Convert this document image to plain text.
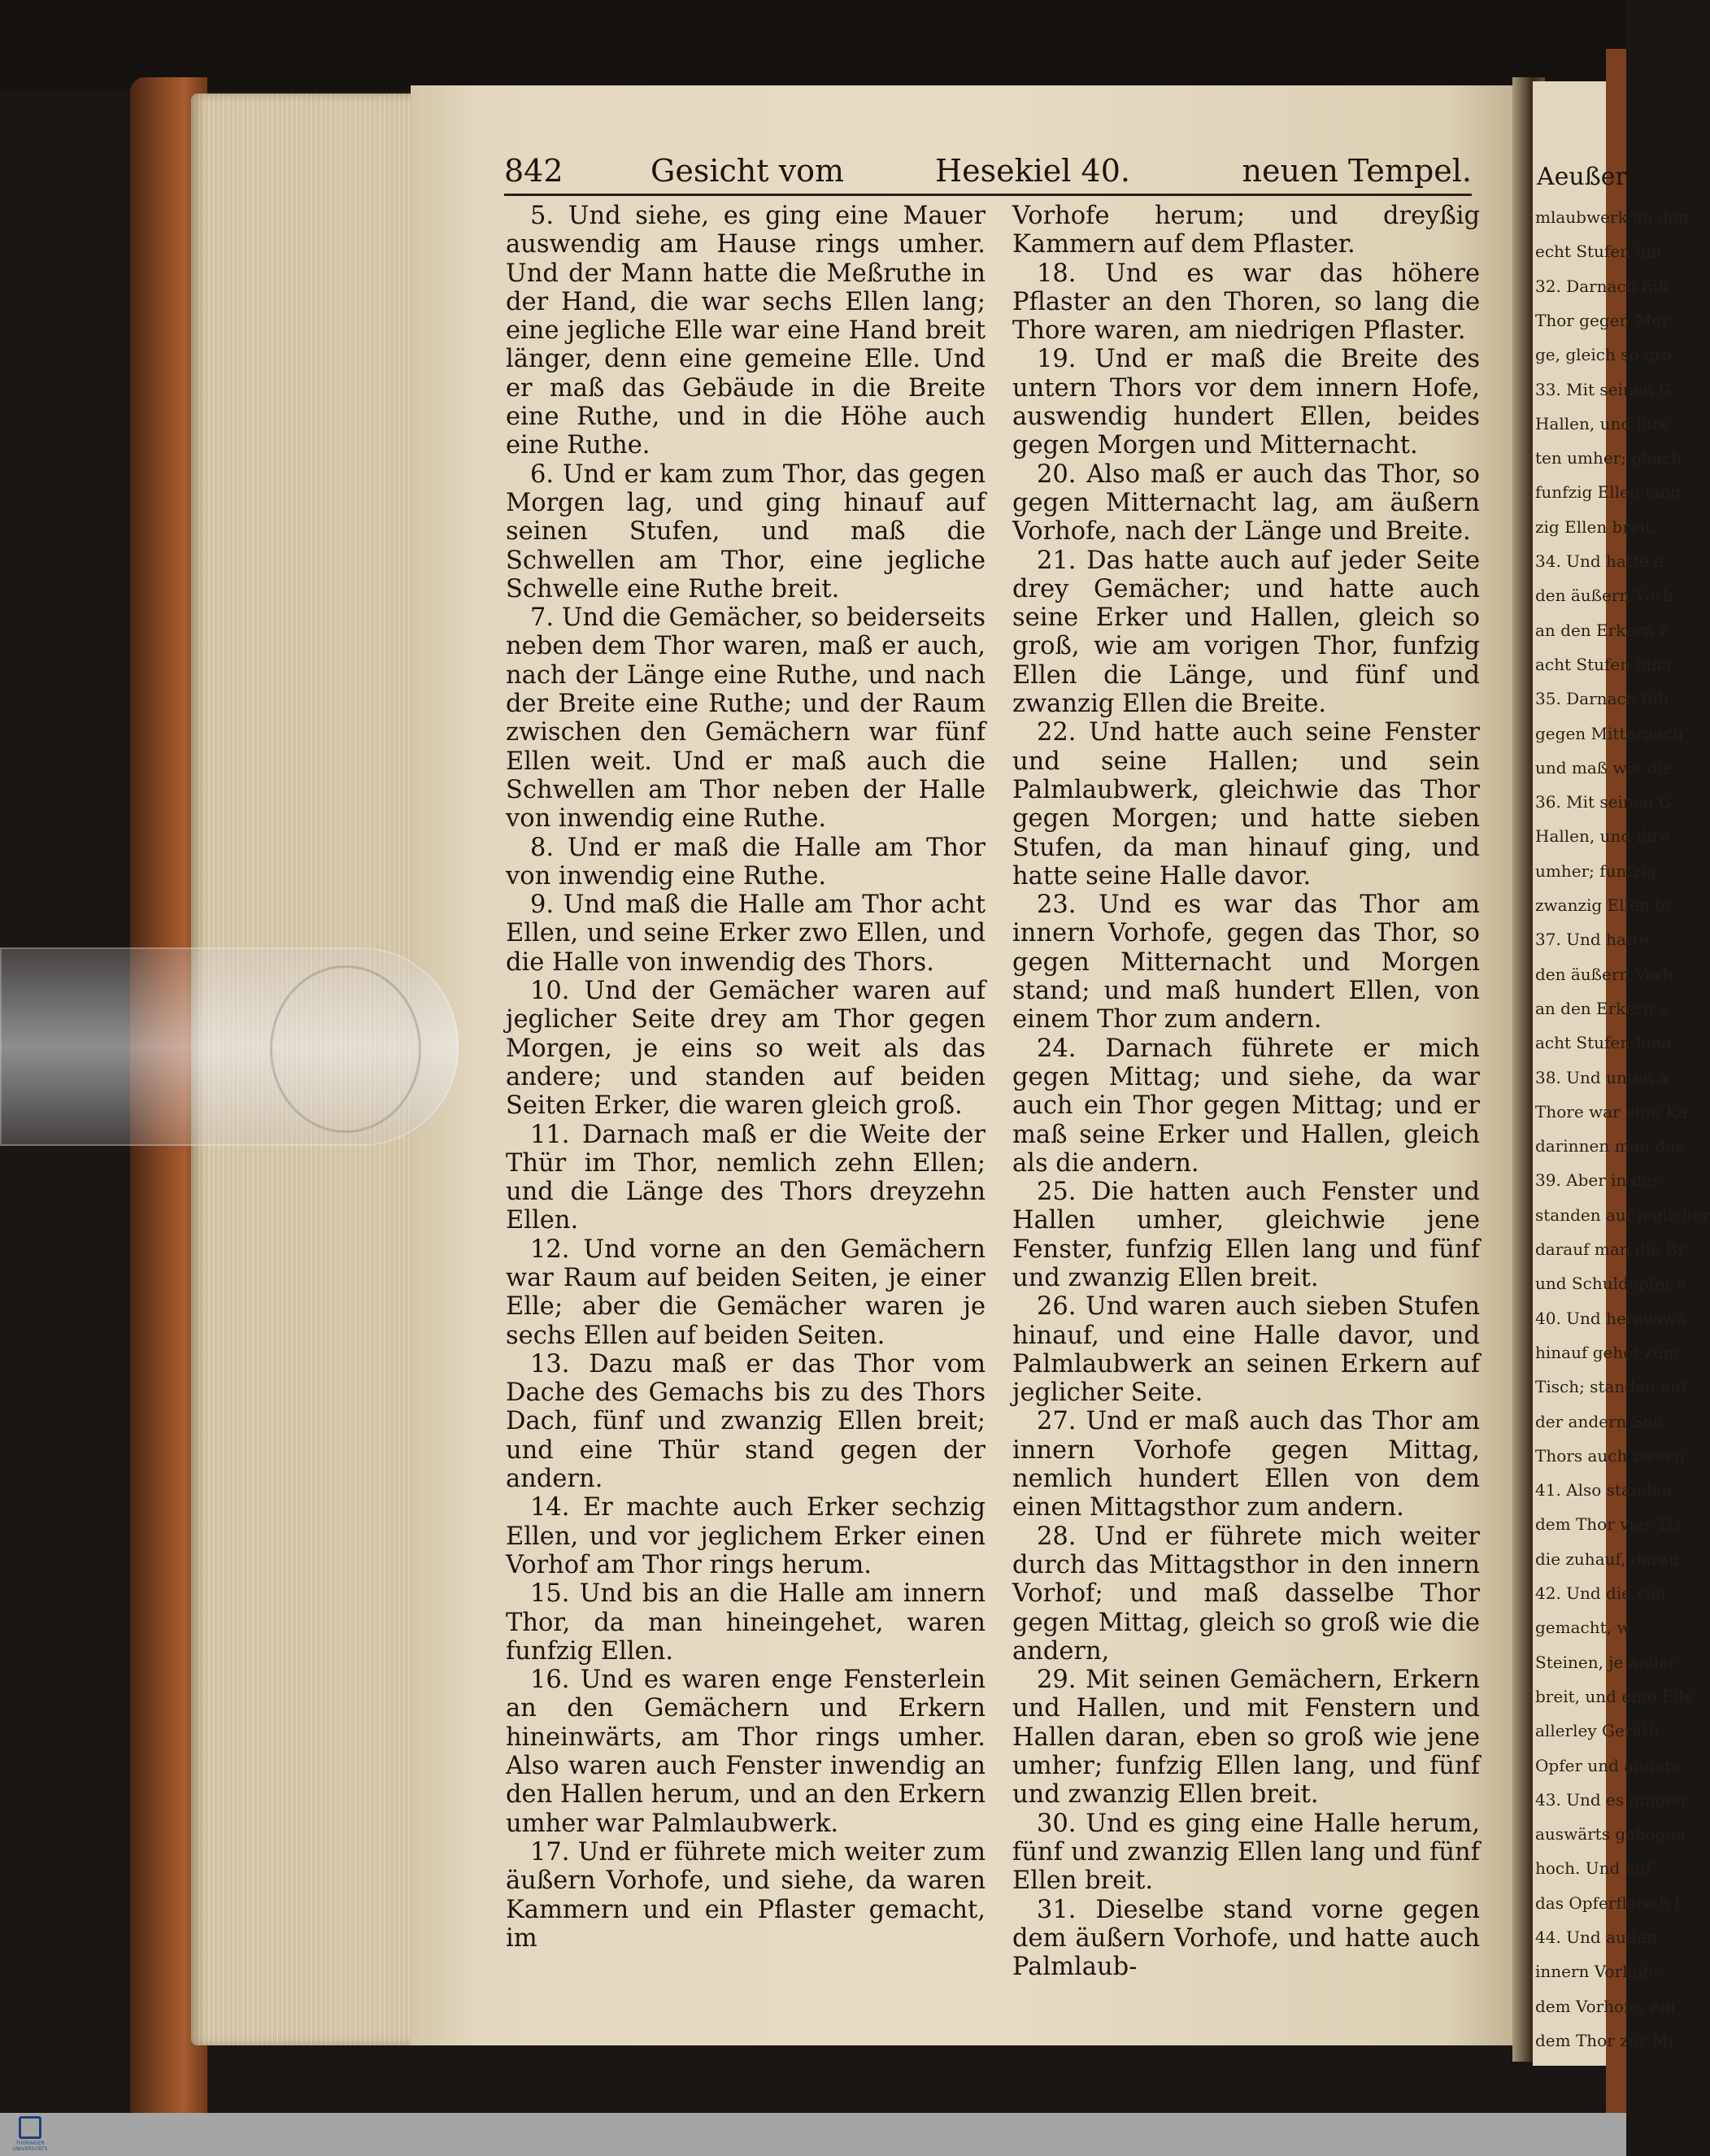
842	Gesicht vom	Hesekiel 40.	neuen Tempel.

5. Und siehe, es ging eine Mauer auswendig am Hause rings umher. Und der Mann hatte die Meßruthe in der Hand, die war sechs Ellen lang; eine jegliche Elle war eine Hand breit länger, denn eine gemeine Elle. Und er maß das Gebäude in die Breite eine Ruthe, und in die Höhe auch eine Ruthe.

6. Und er kam zum Thor, das gegen Morgen lag, und ging hinauf auf seinen Stufen, und maß die Schwellen am Thor, eine jegliche Schwelle eine Ruthe breit.

7. Und die Gemächer, so beiderseits neben dem Thor waren, maß er auch, nach der Länge eine Ruthe, und nach der Breite eine Ruthe; und der Raum zwischen den Gemächern war fünf Ellen weit. Und er maß auch die Schwellen am Thor neben der Halle von inwendig eine Ruthe.

8. Und er maß die Halle am Thor von inwendig eine Ruthe.

9. Und maß die Halle am Thor acht Ellen, und seine Erker zwo Ellen, und die Halle von inwendig des Thors.

10. Und der Gemächer waren auf jeglicher Seite drey am Thor gegen Morgen, je eins so weit als das andere; und standen auf beiden Seiten Erker, die waren gleich groß.

11. Darnach maß er die Weite der Thür im Thor, nemlich zehn Ellen; und die Länge des Thors dreyzehn Ellen.

12. Und vorne an den Gemächern war Raum auf beiden Seiten, je einer Elle; aber die Gemächer waren je sechs Ellen auf beiden Seiten.

13. Dazu maß er das Thor vom Dache des Gemachs bis zu des Thors Dach, fünf und zwanzig Ellen breit; und eine Thür stand gegen der andern.

14. Er machte auch Erker sechzig Ellen, und vor jeglichem Erker einen Vorhof am Thor rings herum.

15. Und bis an die Halle am innern Thor, da man hineingehet, waren funfzig Ellen.

16. Und es waren enge Fensterlein an den Gemächern und Erkern hineinwärts, am Thor rings umher. Also waren auch Fenster inwendig an den Hallen herum, und an den Erkern umher war Palmlaubwerk.

17. Und er führete mich weiter zum äußern Vorhofe, und siehe, da waren Kammern und ein Pflaster gemacht, im

Vorhofe herum; und dreyßig Kammern auf dem Pflaster.

18. Und es war das höhere Pflaster an den Thoren, so lang die Thore waren, am niedrigen Pflaster.

19. Und er maß die Breite des untern Thors vor dem innern Hofe, auswendig hundert Ellen, beides gegen Morgen und Mitternacht.

20. Also maß er auch das Thor, so gegen Mitternacht lag, am äußern Vorhofe, nach der Länge und Breite.

21. Das hatte auch auf jeder Seite drey Gemächer; und hatte auch seine Erker und Hallen, gleich so groß, wie am vorigen Thor, funfzig Ellen die Länge, und fünf und zwanzig Ellen die Breite.

22. Und hatte auch seine Fenster und seine Hallen; und sein Palmlaubwerk, gleichwie das Thor gegen Morgen; und hatte sieben Stufen, da man hinauf ging, und hatte seine Halle davor.

23. Und es war das Thor am innern Vorhofe, gegen das Thor, so gegen Mitternacht und Morgen stand; und maß hundert Ellen, von einem Thor zum andern.

24. Darnach führete er mich gegen Mittag; und siehe, da war auch ein Thor gegen Mittag; und er maß seine Erker und Hallen, gleich als die andern.

25. Die hatten auch Fenster und Hallen umher, gleichwie jene Fenster, funfzig Ellen lang und fünf und zwanzig Ellen breit.

26. Und waren auch sieben Stufen hinauf, und eine Halle davor, und Palmlaubwerk an seinen Erkern auf jeglicher Seite.

27. Und er maß auch das Thor am innern Vorhofe gegen Mittag, nemlich hundert Ellen von dem einen Mittagsthor zum andern.

28. Und er führete mich weiter durch das Mittagsthor in den innern Vorhof; und maß dasselbe Thor gegen Mittag, gleich so groß wie die andern,

29. Mit seinen Gemächern, Erkern und Hallen, und mit Fenstern und Hallen daran, eben so groß wie jene umher; funfzig Ellen lang, und fünf und zwanzig Ellen breit.

30. Und es ging eine Halle herum, fünf und zwanzig Ellen lang und fünf Ellen breit.

31. Dieselbe stand vorne gegen dem äußern Vorhofe, und hatte auch Palmlaub-

Aeußere und
mlaubwerk an den
echt Stufen hin
32. Darnach füh
Thor gegen Mor
ge, gleich so gro
33. Mit seinen G
Hallen, und ihre
ten umher; gleich
funfzig Ellen lang
zig Ellen breit.
34. Und hatte e
den äußern Vorh
an den Erkern z
acht Stufen hina
35. Darnach füh
gegen Mitternach
und maß wie die
36. Mit seinen G
Hallen, und ihre
umher; funfzig
zwanzig Ellen br
37. Und hatte
den äußern Vorh
an den Erkern a
acht Stufen hina
38. Und unten a
Thore war eine Ka
darinnen man das
39. Aber in der
standen auf jeglicher
darauf man die Br
und Schuldopfer s
40. Und herauswä
hinauf gehet zum
Tisch; standen auf
der andern Seit
Thors auch zween
41. Also standen
dem Thor vier Tis
die zuhauf, darau
42. Und die vier
gemacht, w
Steinen, je ander
breit, und eine Elle
allerley Geräth
Opfer und andere
43. Und es gingen
auswärts gebogen,
hoch. Und auf
das Opferfleisch l
44. Und außen
innern Vorhofe:
dem Vorhofe; ein
dem Thor zur Mi
THÜRINGER UNIVERSITÄTS
